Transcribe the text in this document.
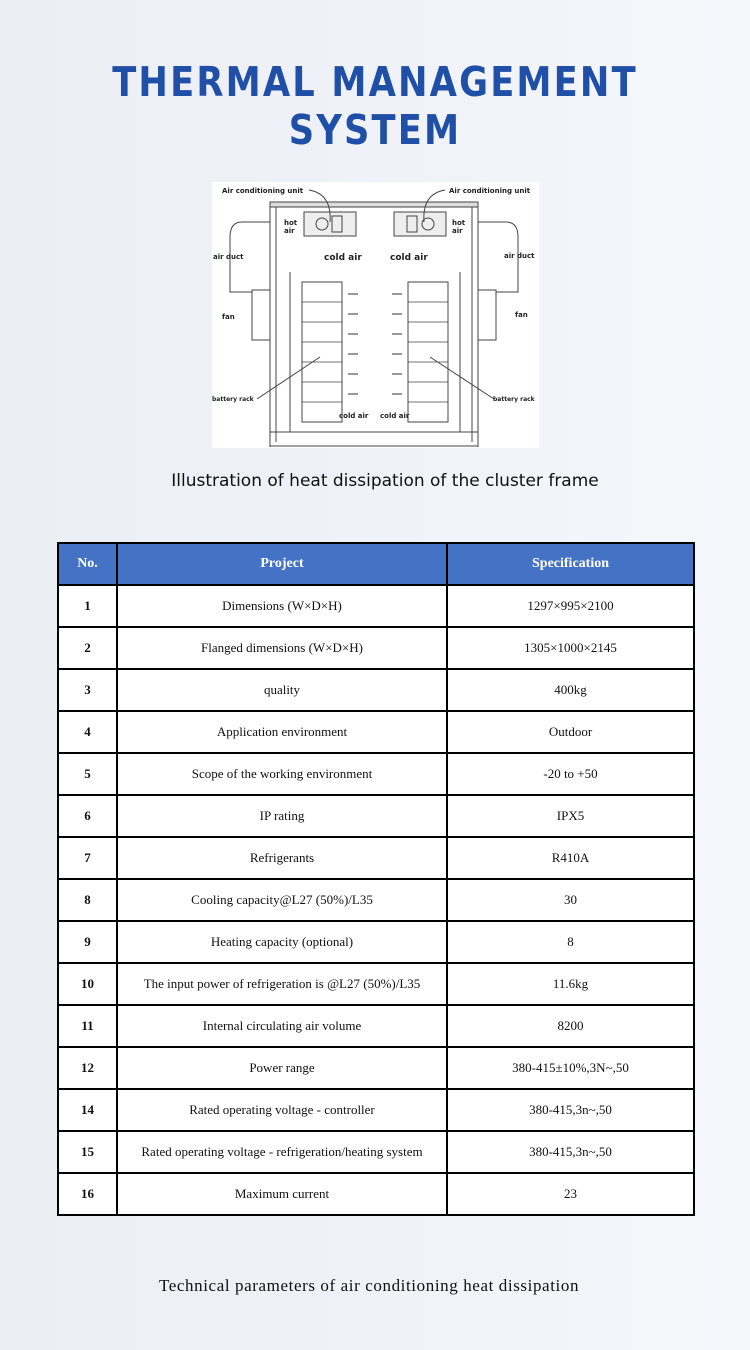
THERMAL MANAGEMENT SYSTEM
Air conditioning unit	Air conditioning unit
hot
air
hot
air
cold air	cold air
air duct	air duct
fan	fan
battery rack	battery rack
cold air cold air
Illustration of heat dissipation of the cluster frame
No.	Project	Specification
1	Dimensions (W×D×H)	1297×995×2100
2	Flanged dimensions (W×D×H)	1305×1000×2145
3	quality	400kg
4	Application environment	Outdoor
5	Scope of the working environment	-20 to +50
6	IP rating	IPX5
7	Refrigerants	R410A
8	Cooling capacity@L27 (50%)/L35	30
9	Heating capacity (optional)	8
10	The input power of refrigeration is @L27 (50%)/L35	11.6kg
11	Internal circulating air volume	8200
12	Power range	380-415±10%,3N~,50
14	Rated operating voltage - controller	380-415,3n~,50
15	Rated operating voltage - refrigeration/heating system	380-415,3n~,50
16	Maximum current	23
Technical parameters of air conditioning heat dissipation
